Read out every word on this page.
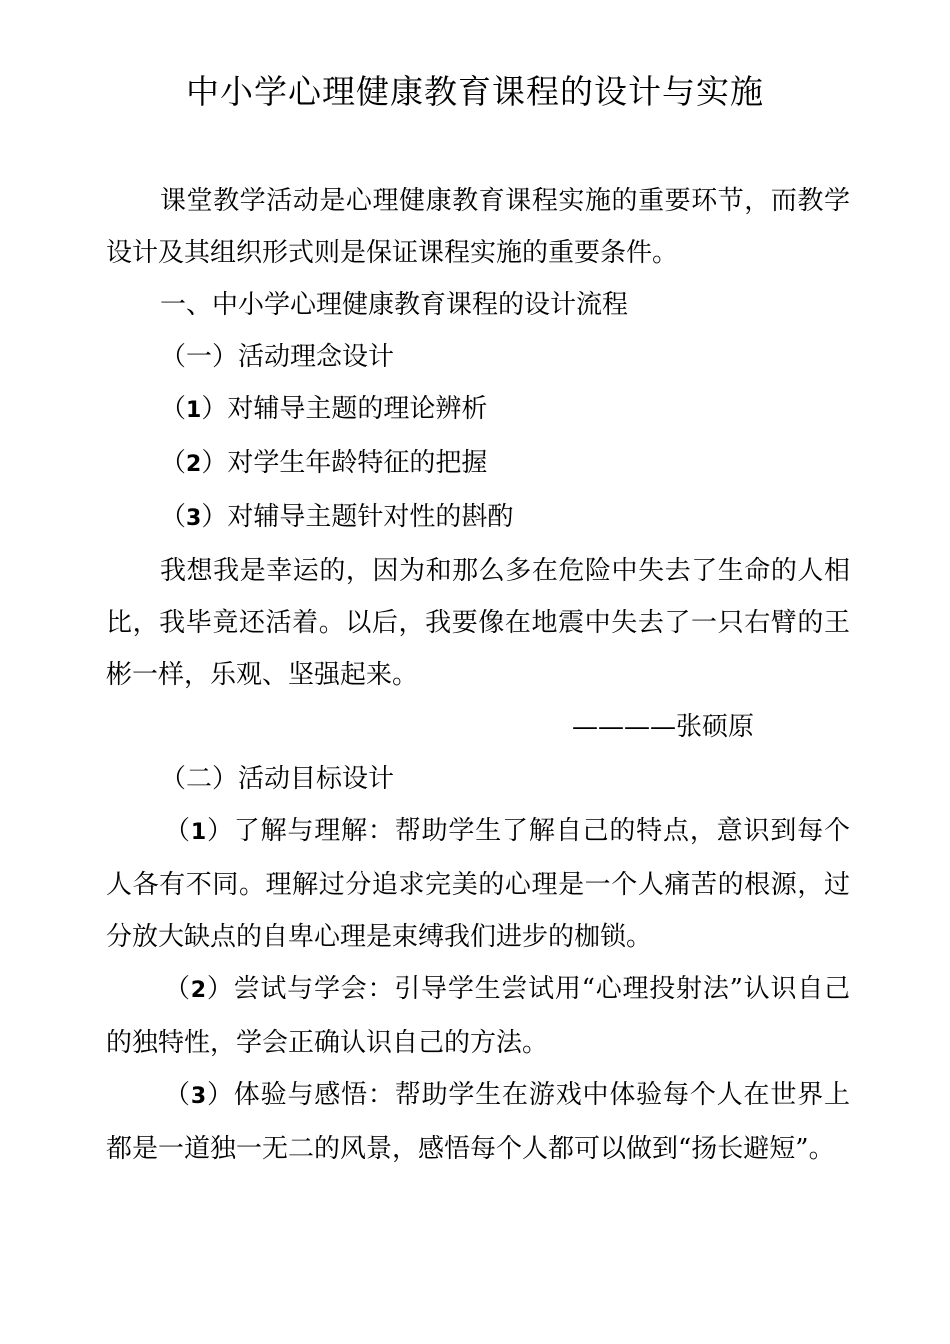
中小学心理健康教育课程的设计与实施

课堂教学活动是心理健康教育课程实施的重要环节，而教学设计及其组织形式则是保证课程实施的重要条件。

一、中小学心理健康教育课程的设计流程

（一）活动理念设计

（1）对辅导主题的理论辨析

（2）对学生年龄特征的把握

（3）对辅导主题针对性的斟酌

我想我是幸运的，因为和那么多在危险中失去了生命的人相比，我毕竟还活着。以后，我要像在地震中失去了一只右臂的王彬一样，乐观、坚强起来。

————张硕原

（二）活动目标设计

（1）了解与理解：帮助学生了解自己的特点，意识到每个人各有不同。理解过分追求完美的心理是一个人痛苦的根源，过分放大缺点的自卑心理是束缚我们进步的枷锁。

（2）尝试与学会：引导学生尝试用“心理投射法”认识自己的独特性，学会正确认识自己的方法。

（3）体验与感悟：帮助学生在游戏中体验每个人在世界上都是一道独一无二的风景，感悟每个人都可以做到“扬长避短”。
